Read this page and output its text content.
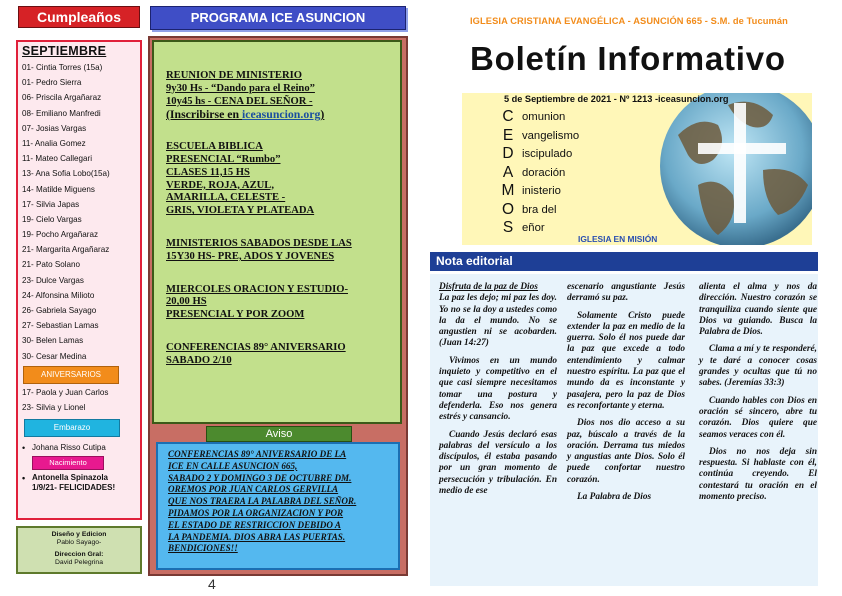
Cumpleaños
SEPTIEMBRE
01- Cintia Torres (15a)
01- Pedro Sierra
06- Priscila Argañaraz
08- Emiliano Manfredi
07- Josias Vargas
11- Analia Gomez
11- Mateo Callegari
13- Ana Sofia Lobo(15a)
14- Matilde Miguens
17- Silvia Japas
19- Cielo Vargas
19- Pocho Argañaraz
21- Margarita Argañaraz
21- Pato Solano
23- Dulce Vargas
24- Alfonsina Milioto
26- Gabriela Sayago
27- Sebastian Lamas
30- Belen Lamas
30- Cesar Medina
ANIVERSARIOS
17- Paola y Juan Carlos
23- Silvia y Lionel
Embarazo
• Johana Risso Cutipa
Nacimiento
• Antonella Spinazola
1/9/21- FELICIDADES!
Diseño y Edicion
Pablo Sayago-
Direccion Gral:
David Pelegrina
PROGRAMA ICE ASUNCION

REUNION DE MINISTERIO
9y30 Hs - “Dando para el Reino”
10y45 hs - CENA DEL SEÑOR -
(Inscribirse en iceasuncion.org)

ESCUELA BIBLICA
PRESENCIAL “Rumbo”
CLASES 11,15 HS
VERDE, ROJA, AZUL,
AMARILLA, CELESTE -
GRIS, VIOLETA Y PLATEADA

MINISTERIOS SABADOS DESDE LAS
15Y30 HS- PRE, ADOS Y JOVENES

MIERCOLES ORACION Y ESTUDIO-
20,00 HS
PRESENCIAL Y POR ZOOM

CONFERENCIAS 89° ANIVERSARIO
SABADO 2/10

Aviso
CONFERENCIAS 89° ANIVERSARIO DE LA
ICE EN CALLE ASUNCION 665,
SABADO 2 Y DOMINGO 3 DE OCTUBRE DM.
OREMOS POR JUAN CARLOS GERVILLA
QUE NOS TRAERA LA PALABRA DEL SEÑOR.
PIDAMOS POR LA ORGANIZACION Y POR
EL ESTADO DE RESTRICCION DEBIDO A
LA PANDEMIA. DIOS ABRA LAS PUERTAS.
BENDICIONES!!
4
IGLESIA CRISTIANA EVANGÉLICA - ASUNCIÓN 665 - S.M. de Tucumán
Boletín Informativo
5 de Septiembre de 2021 - Nº 1213 -iceasuncion.org
C omunion
E vangelismo
D iscipulado
A doración
M inisterio
O bra del
S eñor
IGLESIA EN MISIÓN
Nota editorial

Disfruta de la paz de Dios

La paz les dejo; mi paz les doy. Yo no se la doy a ustedes como la da el mundo. No se angustien ni se acobarden. (Juan 14:27)

Vivimos en un mundo inquieto y competitivo en el que casi siempre necesitamos tomar una postura y defenderla. Eso nos genera estrés y cansancio.

Cuando Jesús declaró esas palabras del versículo a los discípulos, él estaba pasando por un gran momento de persecución y tribulación. En medio de ese

escenario angustiante Jesús derramó su paz.

Solamente Cristo puede extender la paz en medio de la guerra. Solo él nos puede dar la paz que excede a todo entendimiento y calmar nuestro espíritu. La paz que el mundo da es inconstante y pasajera, pero la paz de Dios es reconfortante y eterna.

Dios nos dio acceso a su paz, búscalo a través de la oración. Derrama tus miedos y angustias ante Dios. Solo él puede confortar nuestro corazón.

La Palabra de Dios

alienta el alma y nos da dirección. Nuestro corazón se tranquiliza cuando siente que Dios va guiando. Busca la Palabra de Dios.

Clama a mí y te responderé, y te daré a conocer cosas grandes y ocultas que tú no sabes. (Jeremías 33:3)

Cuando hables con Dios en oración sé sincero, abre tu corazón. Dios quiere que seamos veraces con él.

Dios no nos deja sin respuesta. Si hablaste con él, continúa creyendo. El contestará tu oración en el momento preciso.
